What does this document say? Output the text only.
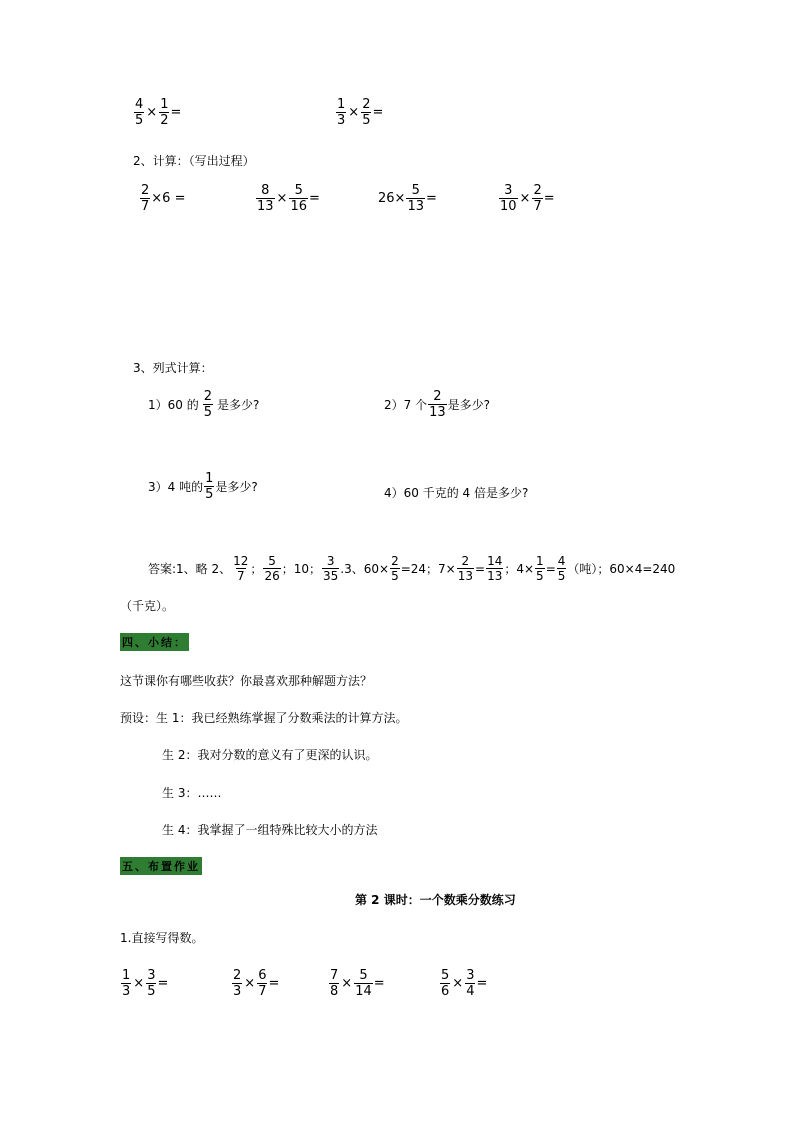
$\frac{4}{5} \times \frac{1}{2}$ =	$\frac{1}{3} \times \frac{2}{5}$ =
2、计算：（写出过程）
$\frac{2}{7} \times 6$ =	$\frac{8}{13} \times \frac{5}{16}$ =	$26\times \frac{5}{13}$ =	$\frac{3}{10} \times \frac{2}{7}$ =
3、列式计算：
1）60 的 $\frac{2}{5}$ 是多少?	2）7 个 $\frac{2}{13}$ 是多少?
3）4 吨的 $\frac{1}{5}$ 是多少?	4）60 千克的 4 倍是多少?
答案:1、略 2、 $\frac{12}{7}$ ； $\frac{5}{26}$ ；10； $\frac{3}{35} .3$、$60\times \frac{2}{5} =24$；$7\times \frac{2}{13} = \frac{14}{13}$ ；$4\times \frac{1}{5} = \frac{4}{5}$ （吨）；60×4=240
（千克）。
四、小结：
这节课你有哪些收获？你最喜欢那种解题方法？
预设：生 1：我已经熟练掌握了分数乘法的计算方法。
生 2：我对分数的意义有了更深的认识。
生 3：……
生 4：我掌握了一组特殊比较大小的方法
五、布置作业
第 2 课时：一个数乘分数练习
1.直接写得数。
$\frac{1}{3} \times \frac{3}{5}$ =	$\frac{2}{3} \times \frac{6}{7}$ =	$\frac{7}{8} \times \frac{5}{14}$ =	$\frac{5}{6} \times \frac{3}{4}$ =
